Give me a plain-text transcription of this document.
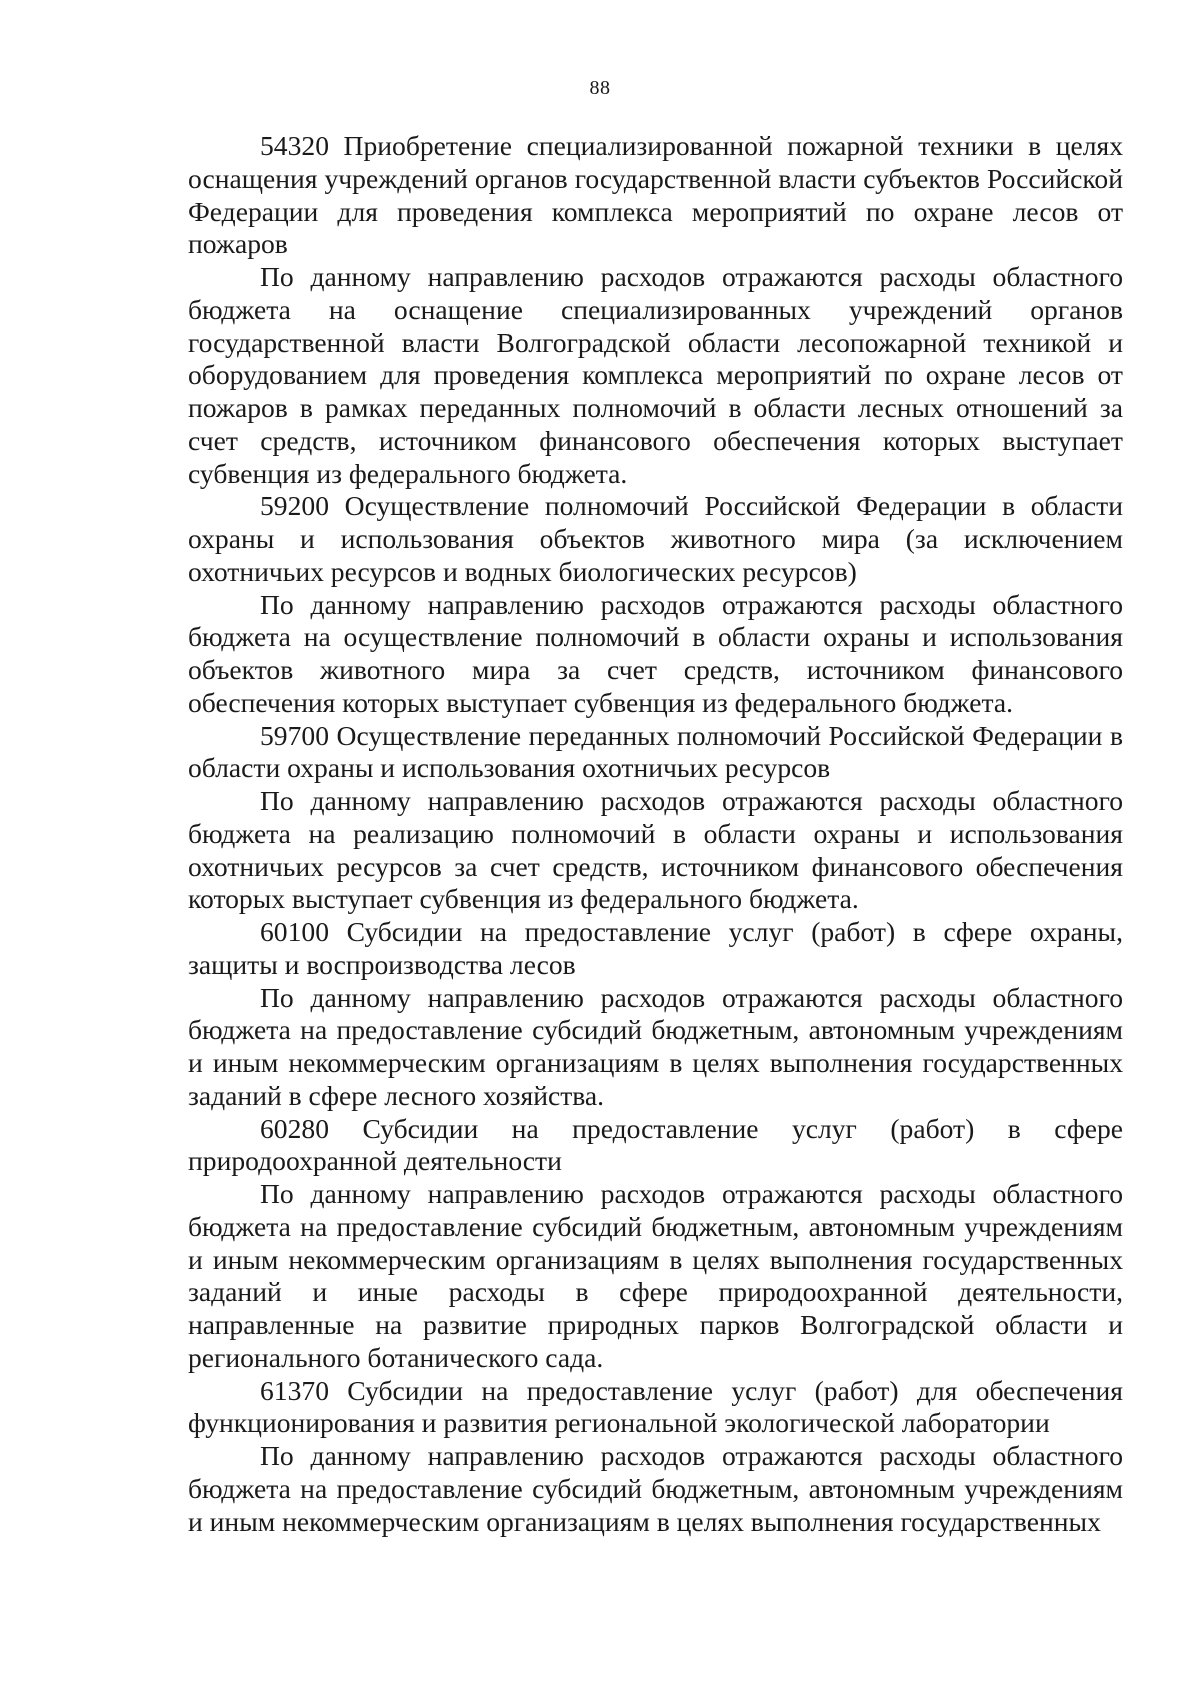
88

54320 Приобретение специализированной пожарной техники в целях оснащения учреждений органов государственной власти субъектов Российской Федерации для проведения комплекса мероприятий по охране лесов от пожаров

По данному направлению расходов отражаются расходы областного бюджета на оснащение специализированных учреждений органов государственной власти Волгоградской области лесопожарной техникой и оборудованием для проведения комплекса мероприятий по охране лесов от пожаров в рамках переданных полномочий в области лесных отношений за счет средств, источником финансового обеспечения которых выступает субвенция из федерального бюджета.

59200 Осуществление полномочий Российской Федерации в области охраны и использования объектов животного мира (за исключением охотничьих ресурсов и водных биологических ресурсов)

По данному направлению расходов отражаются расходы областного бюджета на осуществление полномочий в области охраны и использования объектов животного мира за счет средств, источником финансового обеспечения которых выступает субвенция из федерального бюджета.

59700 Осуществление переданных полномочий Российской Федерации в области охраны и использования охотничьих ресурсов

По данному направлению расходов отражаются расходы областного бюджета на реализацию полномочий в области охраны и использования охотничьих ресурсов за счет средств, источником финансового обеспечения которых выступает субвенция из федерального бюджета.

60100 Субсидии на предоставление услуг (работ) в сфере охраны, защиты и воспроизводства лесов

По данному направлению расходов отражаются расходы областного бюджета на предоставление субсидий бюджетным, автономным учреждениям и иным некоммерческим организациям в целях выполнения государственных заданий в сфере лесного хозяйства.

60280 Субсидии на предоставление услуг (работ) в сфере природоохранной деятельности

По данному направлению расходов отражаются расходы областного бюджета на предоставление субсидий бюджетным, автономным учреждениям и иным некоммерческим организациям в целях выполнения государственных заданий и иные расходы в сфере природоохранной деятельности, направленные на развитие природных парков Волгоградской области и регионального ботанического сада.

61370 Субсидии на предоставление услуг (работ) для обеспечения функционирования и развития региональной экологической лаборатории

По данному направлению расходов отражаются расходы областного бюджета на предоставление субсидий бюджетным, автономным учреждениям и иным некоммерческим организациям в целях выполнения государственных
